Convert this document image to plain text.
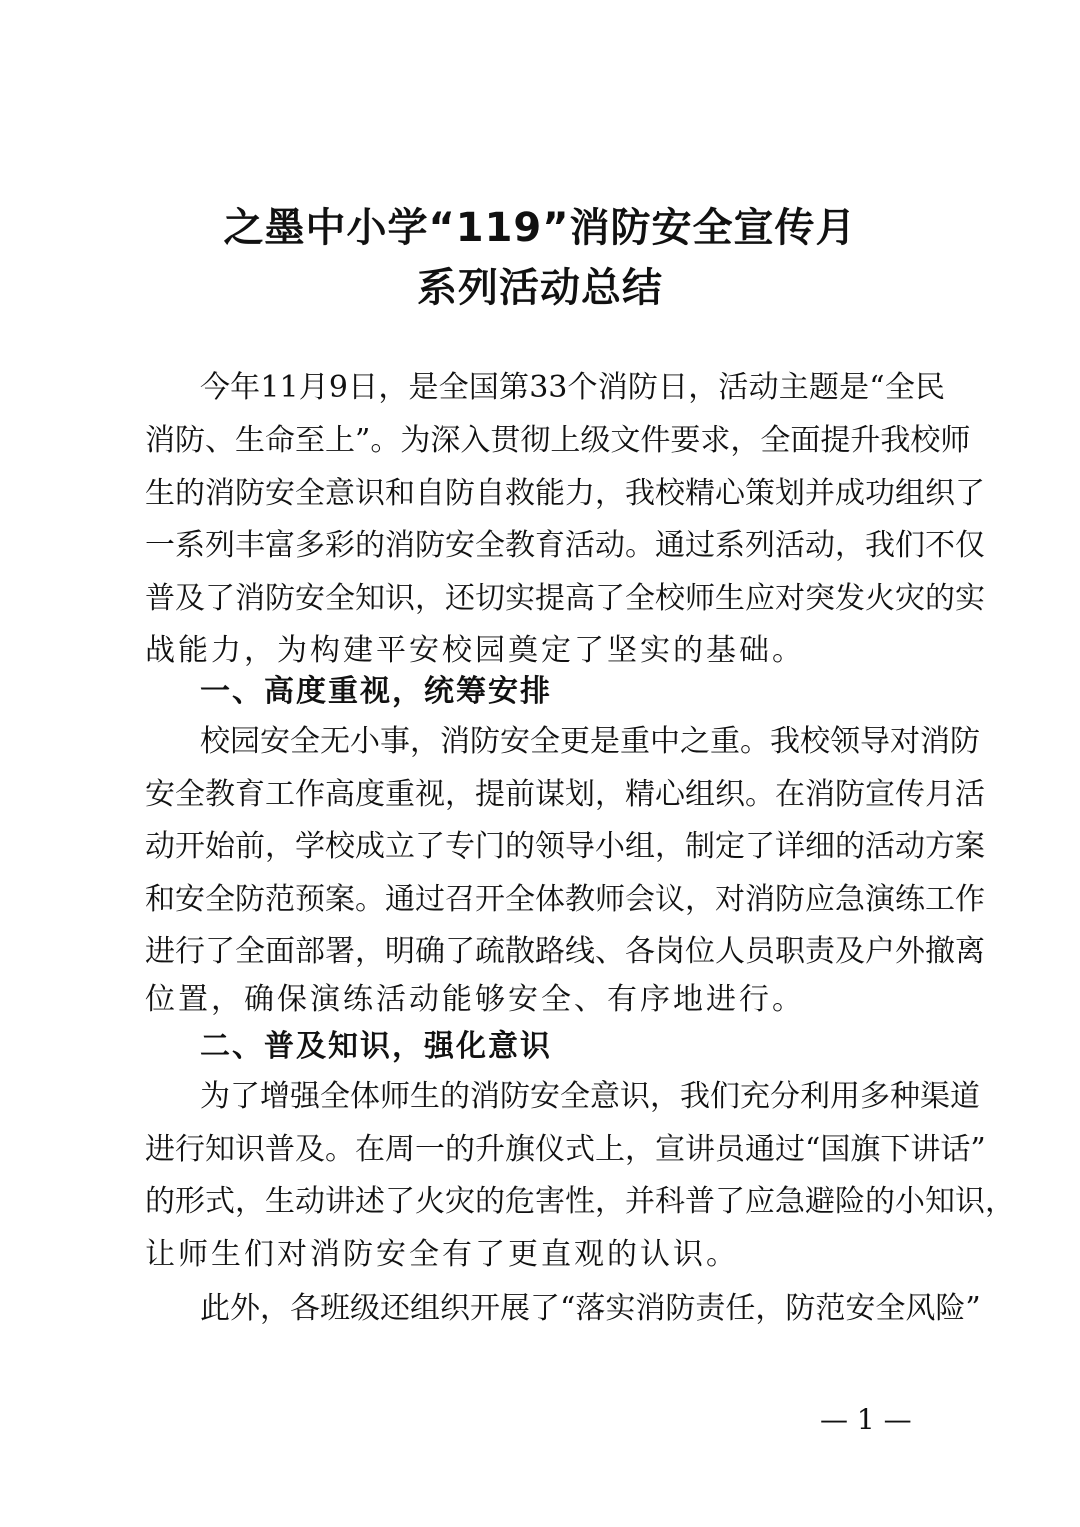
之墨中小学“119”消防安全宣传月
系列活动总结
今年11月9日，是全国第33个消防日，活动主题是“全民
消防、生命至上”。为深入贯彻上级文件要求，全面提升我校师
生的消防安全意识和自防自救能力，我校精心策划并成功组织了
一系列丰富多彩的消防安全教育活动。通过系列活动，我们不仅
普及了消防安全知识，还切实提高了全校师生应对突发火灾的实
战能力，为构建平安校园奠定了坚实的基础。
一、高度重视，统筹安排
校园安全无小事，消防安全更是重中之重。我校领导对消防
安全教育工作高度重视，提前谋划，精心组织。在消防宣传月活
动开始前，学校成立了专门的领导小组，制定了详细的活动方案
和安全防范预案。通过召开全体教师会议，对消防应急演练工作
进行了全面部署，明确了疏散路线、各岗位人员职责及户外撤离
位置，确保演练活动能够安全、有序地进行。
二、普及知识，强化意识
为了增强全体师生的消防安全意识，我们充分利用多种渠道
进行知识普及。在周一的升旗仪式上，宣讲员通过“国旗下讲话”
的形式，生动讲述了火灾的危害性，并科普了应急避险的小知识，
让师生们对消防安全有了更直观的认识。
此外，各班级还组织开展了“落实消防责任，防范安全风险”
— 1 —
